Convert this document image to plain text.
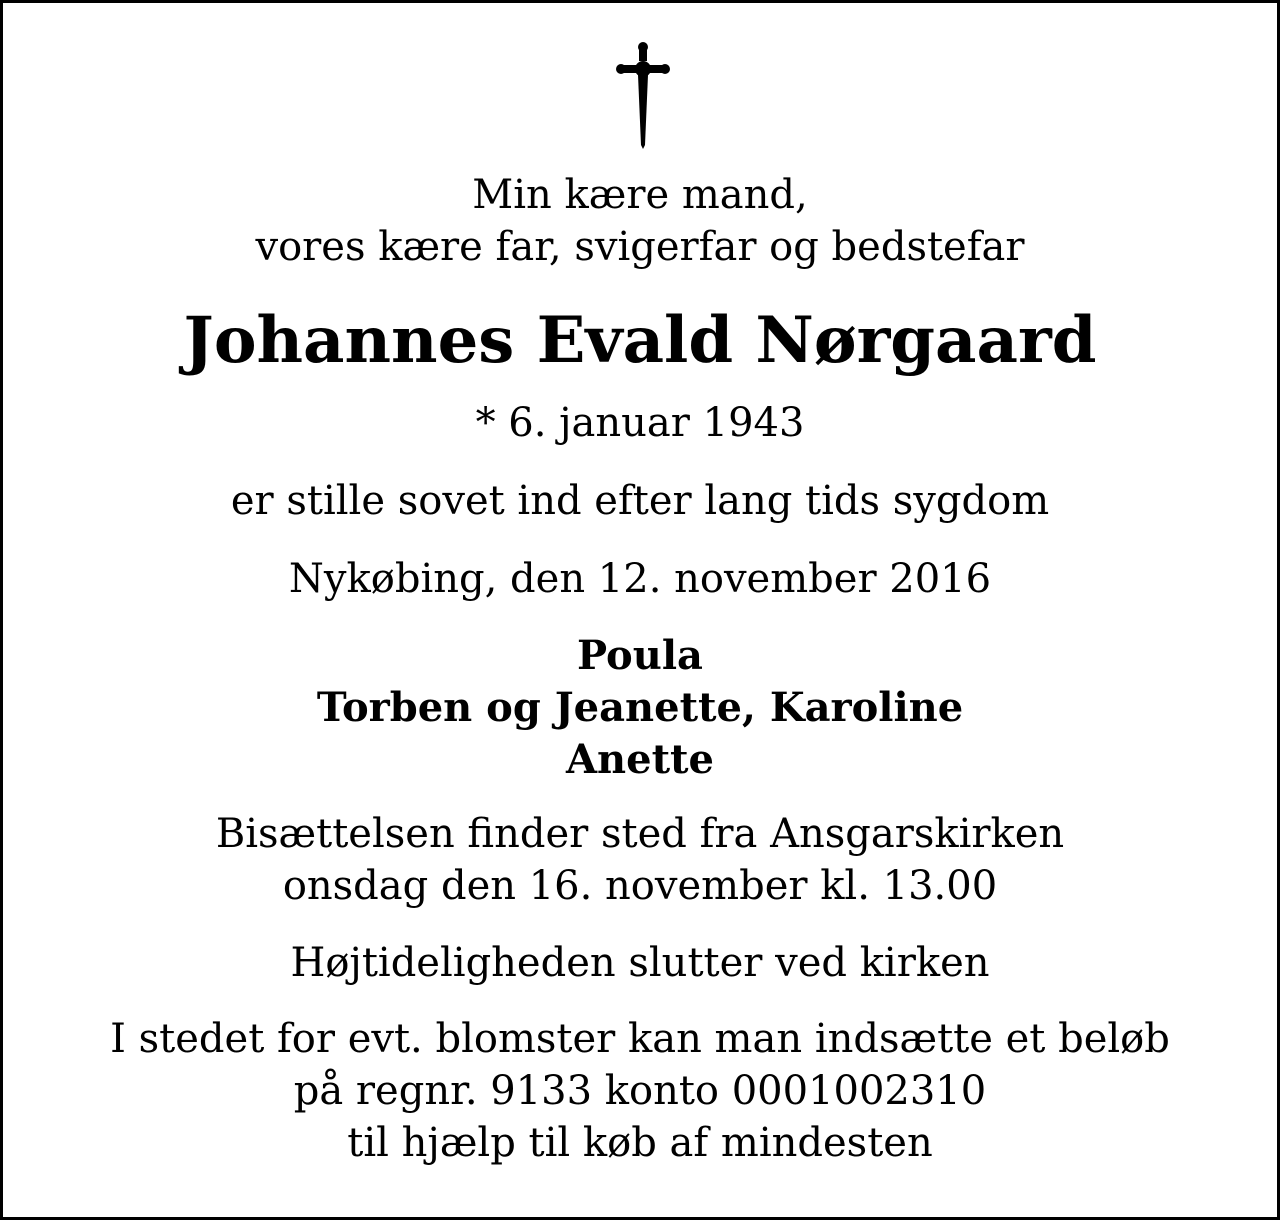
Min kære mand,
vores kære far, svigerfar og bedstefar
Johannes Evald Nørgaard
* 6. januar 1943
er stille sovet ind efter lang tids sygdom
Nykøbing, den 12. november 2016
Poula
Torben og Jeanette, Karoline
Anette
Bisættelsen finder sted fra Ansgarskirken
onsdag den 16. november kl. 13.00
Højtideligheden slutter ved kirken
I stedet for evt. blomster kan man indsætte et beløb
på regnr. 9133 konto 0001002310
til hjælp til køb af mindesten
